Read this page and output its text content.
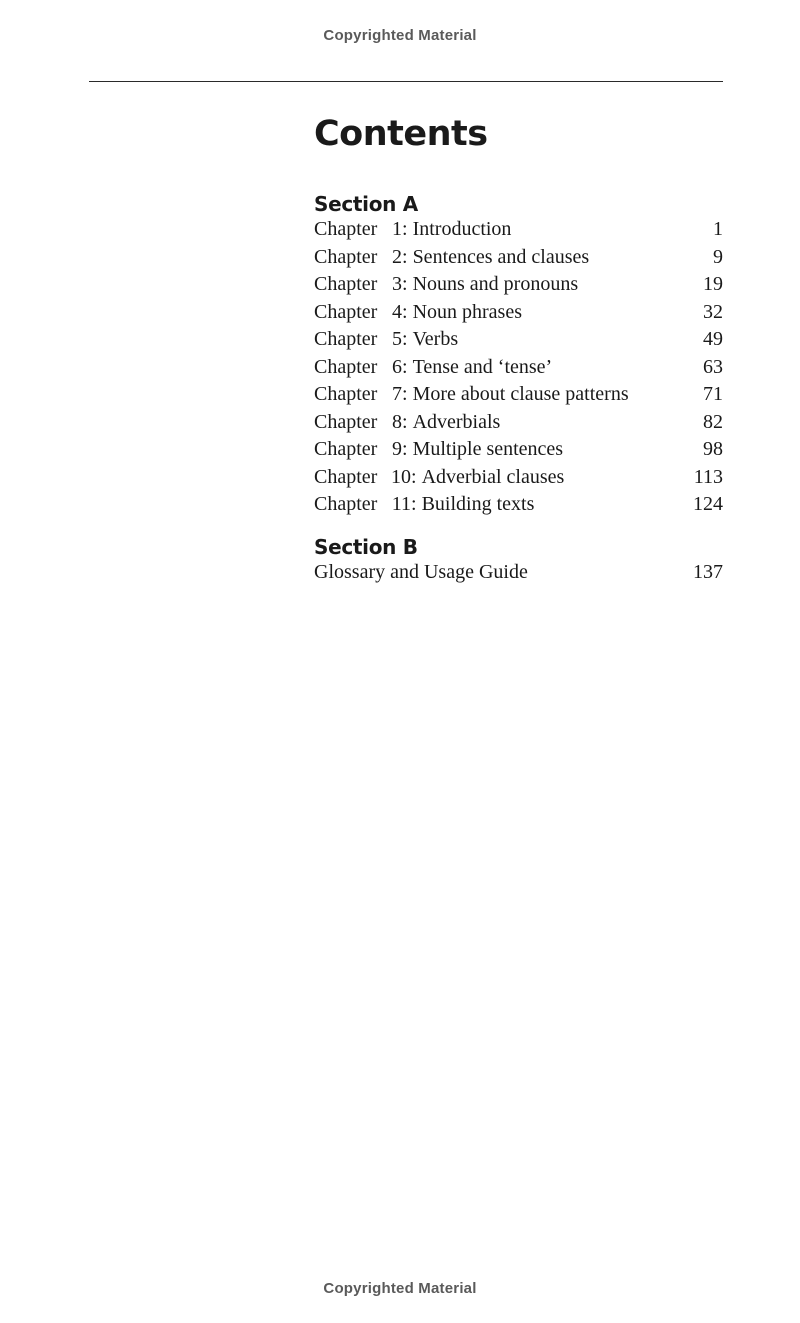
Copyrighted Material
Contents
Section A
Chapter 1 : Introduction	1
Chapter 2 : Sentences and clauses	9
Chapter 3 : Nouns and pronouns	19
Chapter 4 : Noun phrases	32
Chapter 5 : Verbs	49
Chapter 6 : Tense and ‘tense’	63
Chapter 7 : More about clause patterns	71
Chapter 8 : Adverbials	82
Chapter 9 : Multiple sentences	98
Chapter 10 : Adverbial clauses	113
Chapter 11 : Building texts	124
Section B
Glossary and Usage Guide	137
Copyrighted Material
